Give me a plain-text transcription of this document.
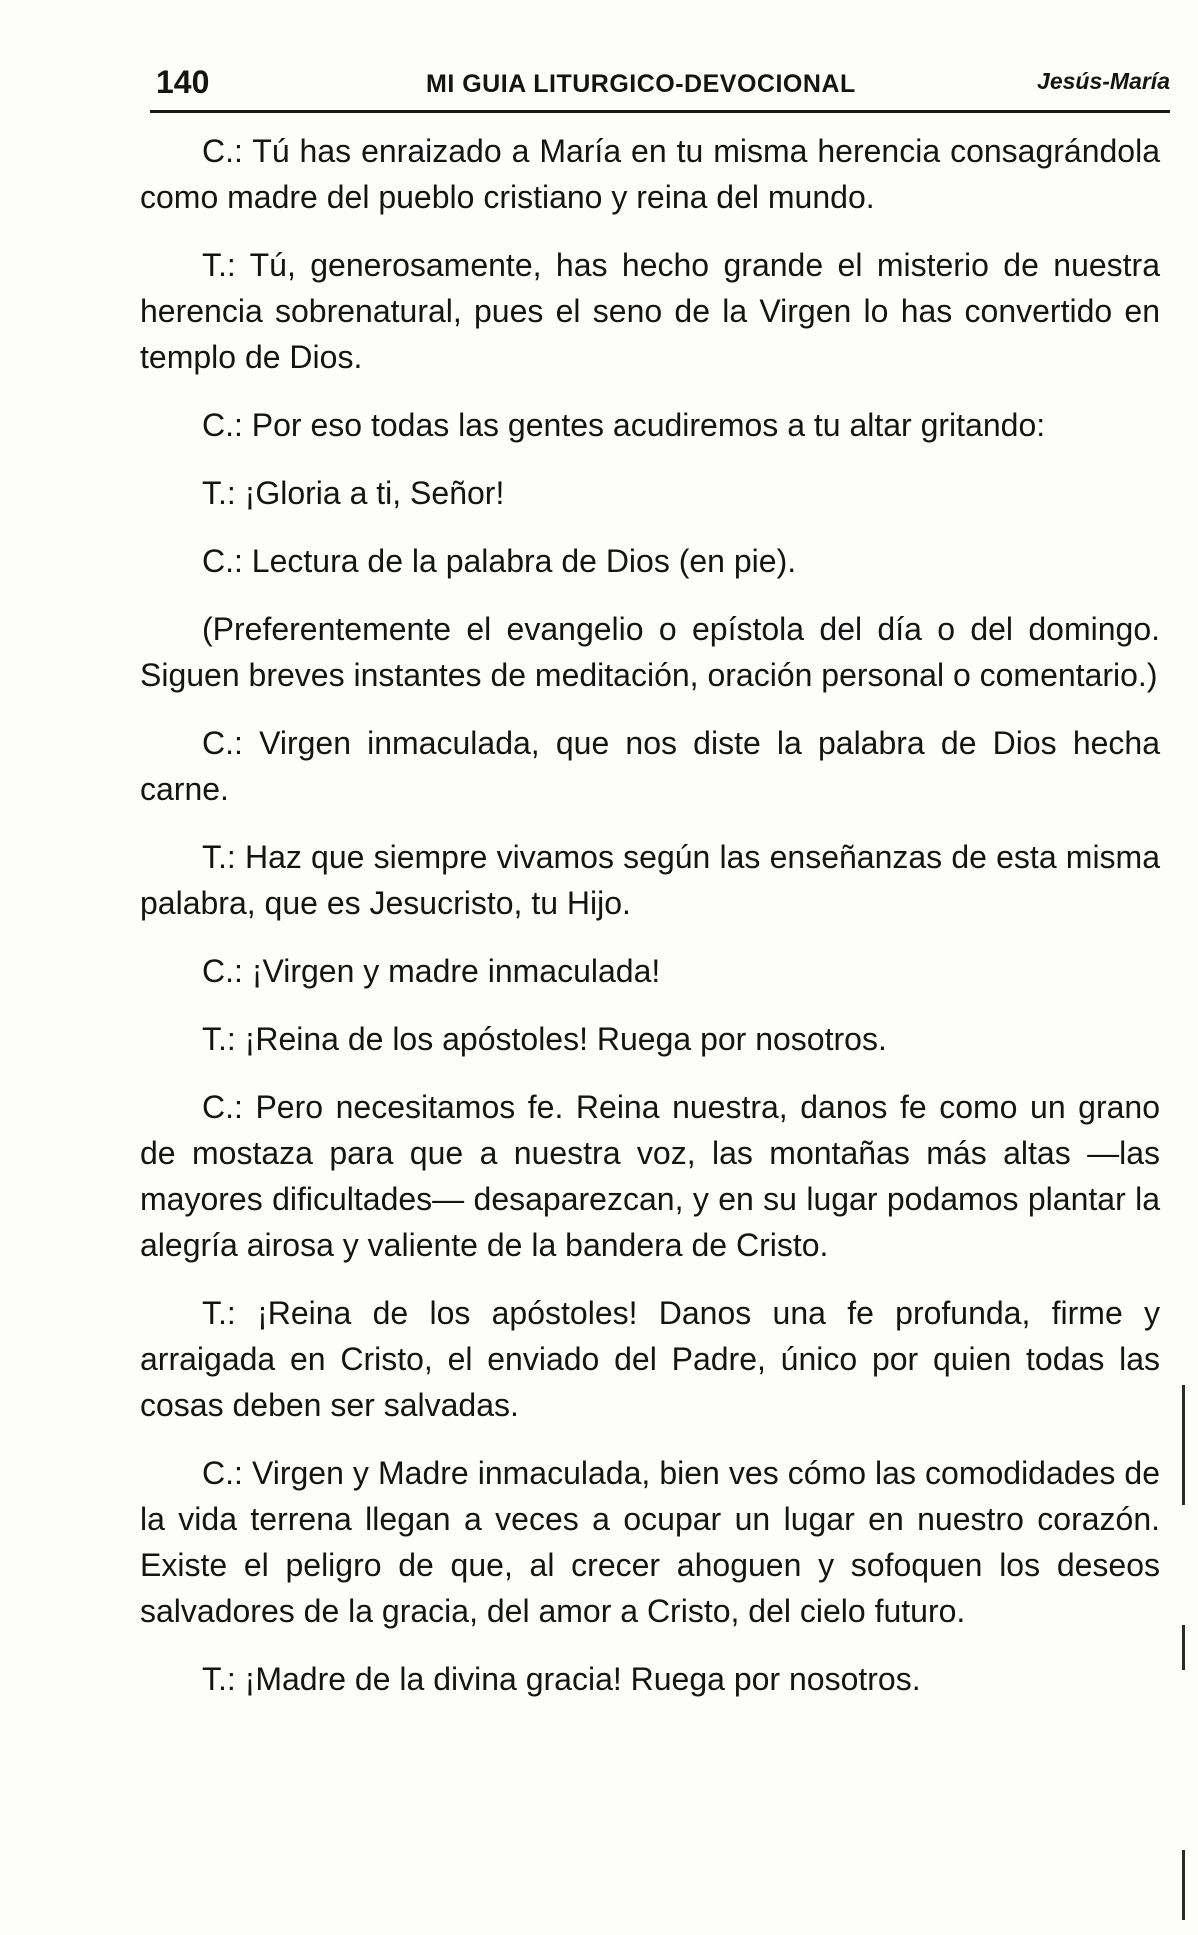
140	MI GUIA LITURGICO-DEVOCIONAL	Jesús-María

C.: Tú has enraizado a María en tu misma herencia consagrándola como madre del pueblo cristiano y reina del mundo.

T.: Tú, generosamente, has hecho grande el misterio de nuestra herencia sobrenatural, pues el seno de la Virgen lo has convertido en templo de Dios.

C.: Por eso todas las gentes acudiremos a tu altar gritando:

T.: ¡Gloria a ti, Señor!

C.: Lectura de la palabra de Dios (en pie).

(Preferentemente el evangelio o epístola del día o del domingo. Siguen breves instantes de meditación, oración personal o comentario.)

C.: Virgen inmaculada, que nos diste la palabra de Dios hecha carne.

T.: Haz que siempre vivamos según las enseñanzas de esta misma palabra, que es Jesucristo, tu Hijo.

C.: ¡Virgen y madre inmaculada!

T.: ¡Reina de los apóstoles! Ruega por nosotros.

C.: Pero necesitamos fe. Reina nuestra, danos fe como un grano de mostaza para que a nuestra voz, las montañas más altas —las mayores dificultades— desaparezcan, y en su lugar podamos plantar la alegría airosa y valiente de la bandera de Cristo.

T.: ¡Reina de los apóstoles! Danos una fe profunda, firme y arraigada en Cristo, el enviado del Padre, único por quien todas las cosas deben ser salvadas.

C.: Virgen y Madre inmaculada, bien ves cómo las comodidades de la vida terrena llegan a veces a ocupar un lugar en nuestro corazón. Existe el peligro de que, al crecer ahoguen y sofoquen los deseos salvadores de la gracia, del amor a Cristo, del cielo futuro.

T.: ¡Madre de la divina gracia! Ruega por nosotros.
